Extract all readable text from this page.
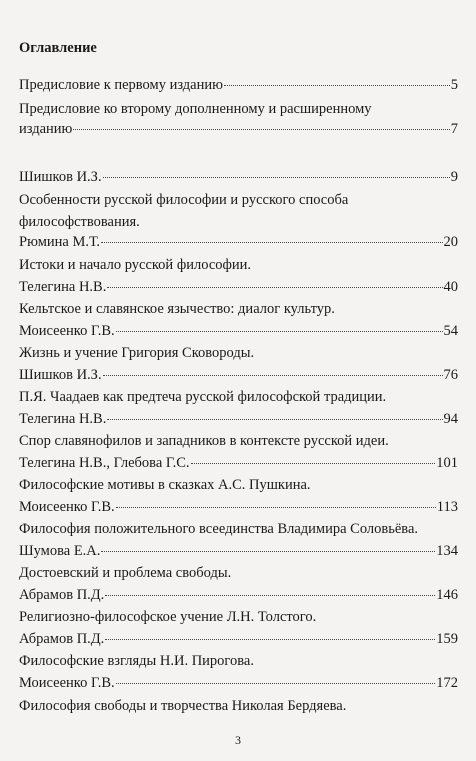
Оглавление
Предисловие к первому изданию	5
Предисловие ко второму дополненному и расширенному
изданию	7
Шишков И.З.	9
Особенности русской философии и русского способа
философствования.
Рюмина М.Т.	20
Истоки и начало русской философии.
Телегина Н.В.	40
Кельтское и славянское язычество: диалог культур.
Моисеенко Г.В.	54
Жизнь и учение Григория Сковороды.
Шишков И.З.	76
П.Я. Чаадаев как предтеча русской философской традиции.
Телегина Н.В.	94
Спор славянофилов и западников в контексте русской идеи.
Телегина Н.В., Глебова Г.С.	101
Философские мотивы в сказках А.С. Пушкина.
Моисеенко Г.В.	113
Философия положительного всеединства Владимира Соловьёва.
Шумова Е.А.	134
Достоевский и проблема свободы.
Абрамов П.Д.	146
Религиозно-философское учение Л.Н. Толстого.
Абрамов П.Д.	159
Философские взгляды Н.И. Пирогова.
Моисеенко Г.В.	172
Философия свободы и творчества Николая Бердяева.
3
